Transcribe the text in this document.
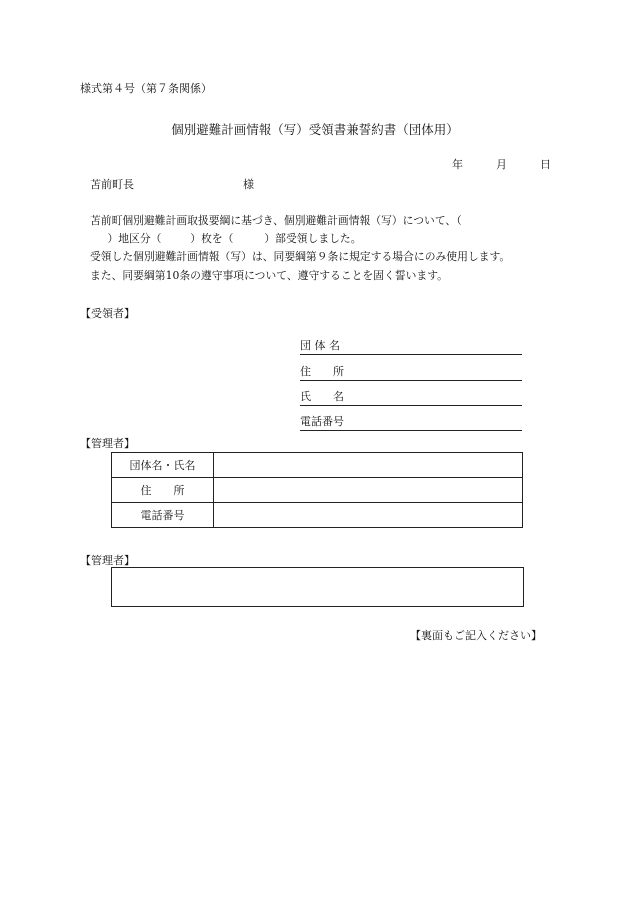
様式第４号（第７条関係）
個別避難計画情報（写）受領書兼誓約書（団体用）
年	月	日
苫前町長	様
苫前町個別避難計画取扱要綱に基づき、個別避難計画情報（写）について、（
）地区分（	）枚を（	）部受領しました。
受領した個別避難計画情報（写）は、同要綱第９条に規定する場合にのみ使用します。
また、同要綱第10条の遵守事項について、遵守することを固く誓います。
【受領者】
団 体 名
住　　所
氏　　名
電話番号
【管理者】
団体名・氏名	
住　　所	
電話番号	
【管理者】
【裏面もご記入ください】
